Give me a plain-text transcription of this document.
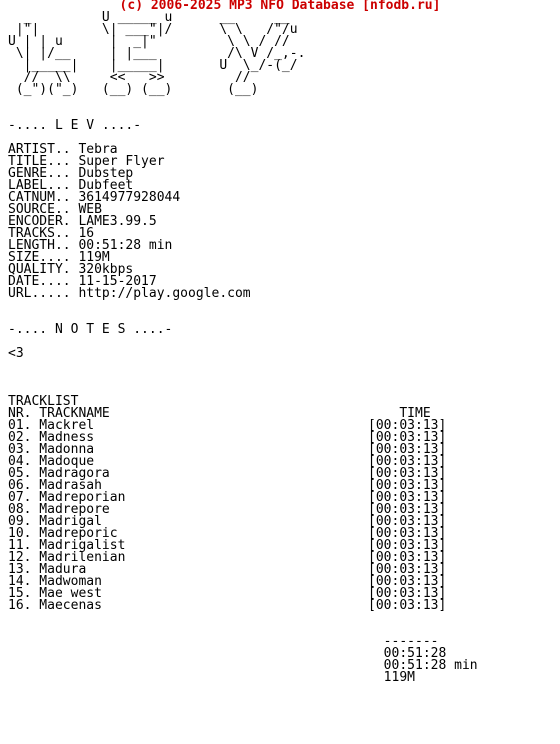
(c) 2006-2025 MP3 NFO Database [nfodb.ru]
_         U _____ u      __     __
|"|        \| ___"|/      \ \   /"/u
U | | u      |  _|"         \ \ / //
\| |/__     | |___         /\ V /_,-.
|_____|    |_____|       U  \_/-(_/
//  \\     <<   >>         //
(_")("_)   (__) (__)       (__)

-.... L E V ....-

ARTIST.. Tebra
TITLE... Super Flyer
GENRE... Dubstep
LABEL... Dubfeet
CATNUM.. 3614977928044
SOURCE.. WEB
ENCODER. LAME3.99.5
TRACKS.. 16
LENGTH.. 00:51:28 min
SIZE.... 119M
QUALITY. 320kbps
DATE.... 11-15-2017
URL..... http://play.google.com

-.... N O T E S ....-

<3

TRACKLIST
NR. TRACKNAME                                     TIME
01. Mackrel                                   [00:03:13]
02. Madness                                   [00:03:13]
03. Madonna                                   [00:03:13]
04. Madoque                                   [00:03:13]
05. Madragora                                 [00:03:13]
06. Madrasah                                  [00:03:13]
07. Madreporian                               [00:03:13]
08. Madrepore                                 [00:03:13]
09. Madrigal                                  [00:03:13]
10. Madreporic                                [00:03:13]
11. Madrigalist                               [00:03:13]
12. Madrilenian                               [00:03:13]
13. Madura                                    [00:03:13]
14. Madwoman                                  [00:03:13]
15. Mae west                                  [00:03:13]
16. Maecenas                                  [00:03:13]

-------
00:51:28
00:51:28 min
119M
